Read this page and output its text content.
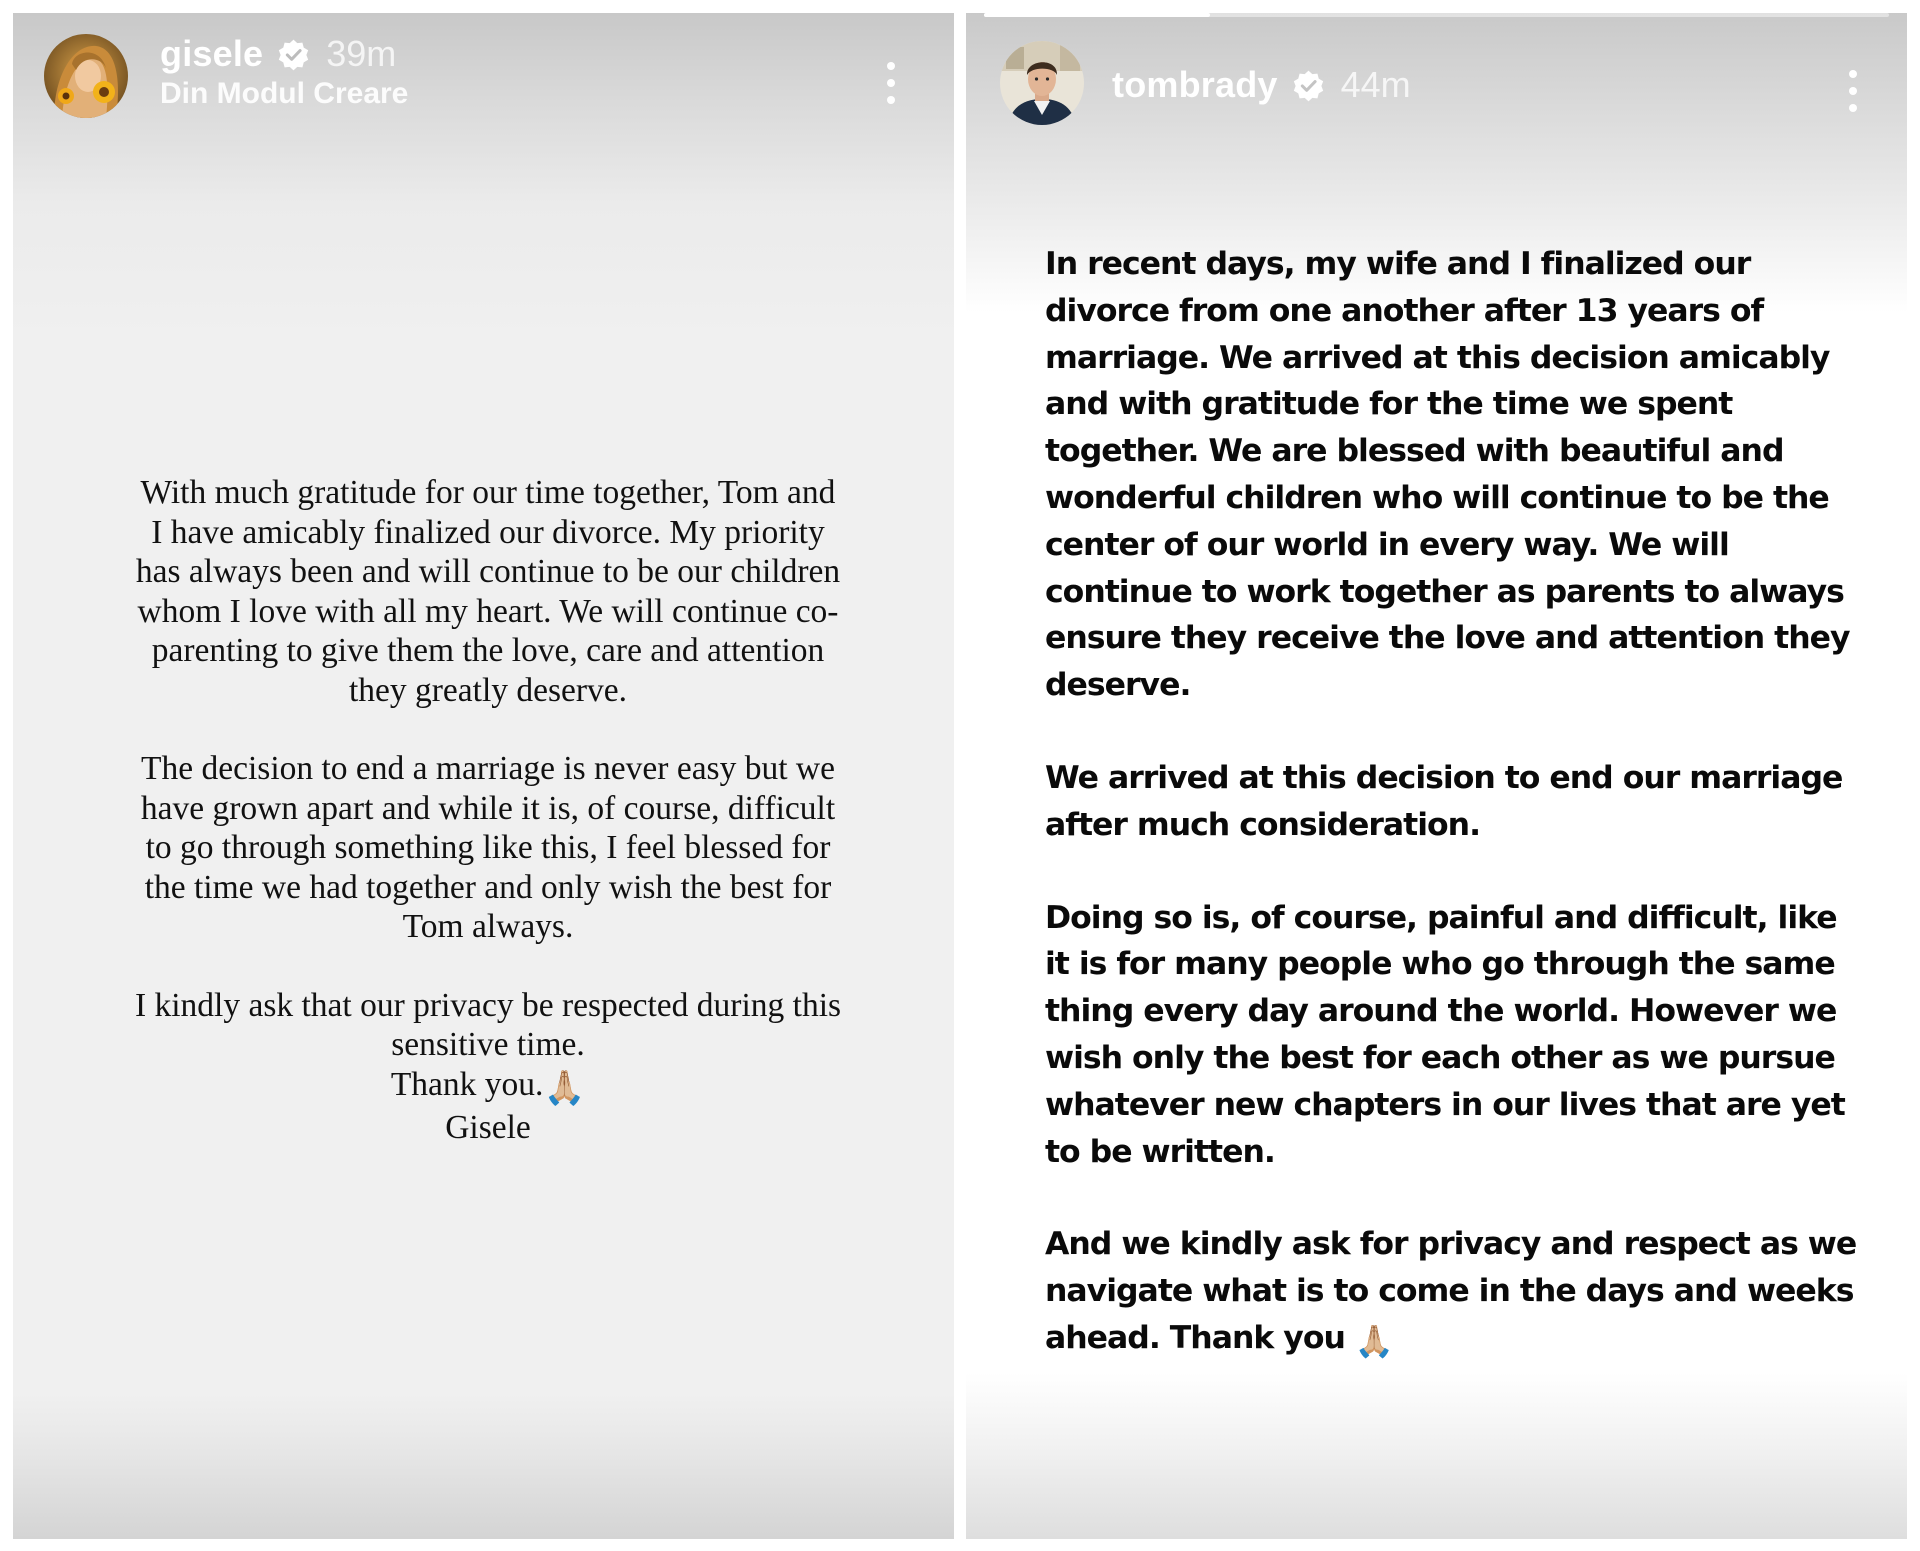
gisele 39m
Din Modul Creare

With much gratitude for our time together, Tom and I have amicably finalized our divorce. My priority has always been and will continue to be our children whom I love with all my heart. We will continue co-parenting to give them the love, care and attention they greatly deserve.

The decision to end a marriage is never easy but we have grown apart and while it is, of course, difficult to go through something like this, I feel blessed for the time we had together and only wish the best for Tom always.

I kindly ask that our privacy be respected during this sensitive time.

Thank you.🙏🏼

Gisele

tombrady 44m

In recent days, my wife and I finalized our divorce from one another after 13 years of marriage. We arrived at this decision amicably and with gratitude for the time we spent together. We are blessed with beautiful and wonderful children who will continue to be the center of our world in every way. We will continue to work together as parents to always ensure they receive the love and attention they deserve.

We arrived at this decision to end our marriage after much consideration.

Doing so is, of course, painful and difficult, like it is for many people who go through the same thing every day around the world. However we wish only the best for each other as we pursue whatever new chapters in our lives that are yet to be written.

And we kindly ask for privacy and respect as we navigate what is to come in the days and weeks ahead. Thank you 🙏🏼
